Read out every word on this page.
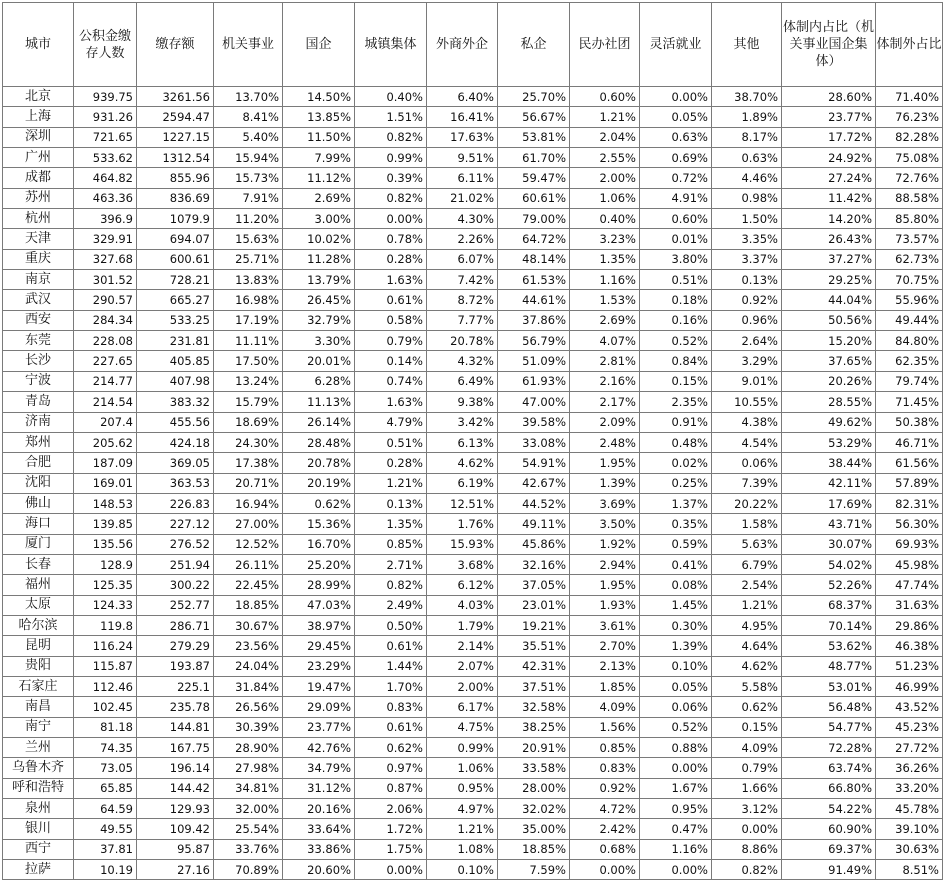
城市	公积金缴存人数	缴存额	机关事业	国企	城镇集体	外商外企	私企	民办社团	灵活就业	其他	体制内占比（机关事业国企集体）	体制外占比
北京	939.75	3261.56	13.70%	14.50%	0.40%	6.40%	25.70%	0.60%	0.00%	38.70%	28.60%	71.40%
上海	931.26	2594.47	8.41%	13.85%	1.51%	16.41%	56.67%	1.21%	0.05%	1.89%	23.77%	76.23%
深圳	721.65	1227.15	5.40%	11.50%	0.82%	17.63%	53.81%	2.04%	0.63%	8.17%	17.72%	82.28%
广州	533.62	1312.54	15.94%	7.99%	0.99%	9.51%	61.70%	2.55%	0.69%	0.63%	24.92%	75.08%
成都	464.82	855.96	15.73%	11.12%	0.39%	6.11%	59.47%	2.00%	0.72%	4.46%	27.24%	72.76%
苏州	463.36	836.69	7.91%	2.69%	0.82%	21.02%	60.61%	1.06%	4.91%	0.98%	11.42%	88.58%
杭州	396.9	1079.9	11.20%	3.00%	0.00%	4.30%	79.00%	0.40%	0.60%	1.50%	14.20%	85.80%
天津	329.91	694.07	15.63%	10.02%	0.78%	2.26%	64.72%	3.23%	0.01%	3.35%	26.43%	73.57%
重庆	327.68	600.61	25.71%	11.28%	0.28%	6.07%	48.14%	1.35%	3.80%	3.37%	37.27%	62.73%
南京	301.52	728.21	13.83%	13.79%	1.63%	7.42%	61.53%	1.16%	0.51%	0.13%	29.25%	70.75%
武汉	290.57	665.27	16.98%	26.45%	0.61%	8.72%	44.61%	1.53%	0.18%	0.92%	44.04%	55.96%
西安	284.34	533.25	17.19%	32.79%	0.58%	7.77%	37.86%	2.69%	0.16%	0.96%	50.56%	49.44%
东莞	228.08	231.81	11.11%	3.30%	0.79%	20.78%	56.79%	4.07%	0.52%	2.64%	15.20%	84.80%
长沙	227.65	405.85	17.50%	20.01%	0.14%	4.32%	51.09%	2.81%	0.84%	3.29%	37.65%	62.35%
宁波	214.77	407.98	13.24%	6.28%	0.74%	6.49%	61.93%	2.16%	0.15%	9.01%	20.26%	79.74%
青岛	214.54	383.32	15.79%	11.13%	1.63%	9.38%	47.00%	2.17%	2.35%	10.55%	28.55%	71.45%
济南	207.4	455.56	18.69%	26.14%	4.79%	3.42%	39.58%	2.09%	0.91%	4.38%	49.62%	50.38%
郑州	205.62	424.18	24.30%	28.48%	0.51%	6.13%	33.08%	2.48%	0.48%	4.54%	53.29%	46.71%
合肥	187.09	369.05	17.38%	20.78%	0.28%	4.62%	54.91%	1.95%	0.02%	0.06%	38.44%	61.56%
沈阳	169.01	363.53	20.71%	20.19%	1.21%	6.19%	42.67%	1.39%	0.25%	7.39%	42.11%	57.89%
佛山	148.53	226.83	16.94%	0.62%	0.13%	12.51%	44.52%	3.69%	1.37%	20.22%	17.69%	82.31%
海口	139.85	227.12	27.00%	15.36%	1.35%	1.76%	49.11%	3.50%	0.35%	1.58%	43.71%	56.30%
厦门	135.56	276.52	12.52%	16.70%	0.85%	15.93%	45.86%	1.92%	0.59%	5.63%	30.07%	69.93%
长春	128.9	251.94	26.11%	25.20%	2.71%	3.68%	32.16%	2.94%	0.41%	6.79%	54.02%	45.98%
福州	125.35	300.22	22.45%	28.99%	0.82%	6.12%	37.05%	1.95%	0.08%	2.54%	52.26%	47.74%
太原	124.33	252.77	18.85%	47.03%	2.49%	4.03%	23.01%	1.93%	1.45%	1.21%	68.37%	31.63%
哈尔滨	119.8	286.71	30.67%	38.97%	0.50%	1.79%	19.21%	3.61%	0.30%	4.95%	70.14%	29.86%
昆明	116.24	279.29	23.56%	29.45%	0.61%	2.14%	35.51%	2.70%	1.39%	4.64%	53.62%	46.38%
贵阳	115.87	193.87	24.04%	23.29%	1.44%	2.07%	42.31%	2.13%	0.10%	4.62%	48.77%	51.23%
石家庄	112.46	225.1	31.84%	19.47%	1.70%	2.00%	37.51%	1.85%	0.05%	5.58%	53.01%	46.99%
南昌	102.45	235.78	26.56%	29.09%	0.83%	6.17%	32.58%	4.09%	0.06%	0.62%	56.48%	43.52%
南宁	81.18	144.81	30.39%	23.77%	0.61%	4.75%	38.25%	1.56%	0.52%	0.15%	54.77%	45.23%
兰州	74.35	167.75	28.90%	42.76%	0.62%	0.99%	20.91%	0.85%	0.88%	4.09%	72.28%	27.72%
乌鲁木齐	73.05	196.14	27.98%	34.79%	0.97%	1.06%	33.58%	0.83%	0.00%	0.79%	63.74%	36.26%
呼和浩特	65.85	144.42	34.81%	31.12%	0.87%	0.95%	28.00%	0.92%	1.67%	1.66%	66.80%	33.20%
泉州	64.59	129.93	32.00%	20.16%	2.06%	4.97%	32.02%	4.72%	0.95%	3.12%	54.22%	45.78%
银川	49.55	109.42	25.54%	33.64%	1.72%	1.21%	35.00%	2.42%	0.47%	0.00%	60.90%	39.10%
西宁	37.81	95.87	33.76%	33.86%	1.75%	1.08%	18.85%	0.68%	1.16%	8.86%	69.37%	30.63%
拉萨	10.19	27.16	70.89%	20.60%	0.00%	0.10%	7.59%	0.00%	0.00%	0.82%	91.49%	8.51%
